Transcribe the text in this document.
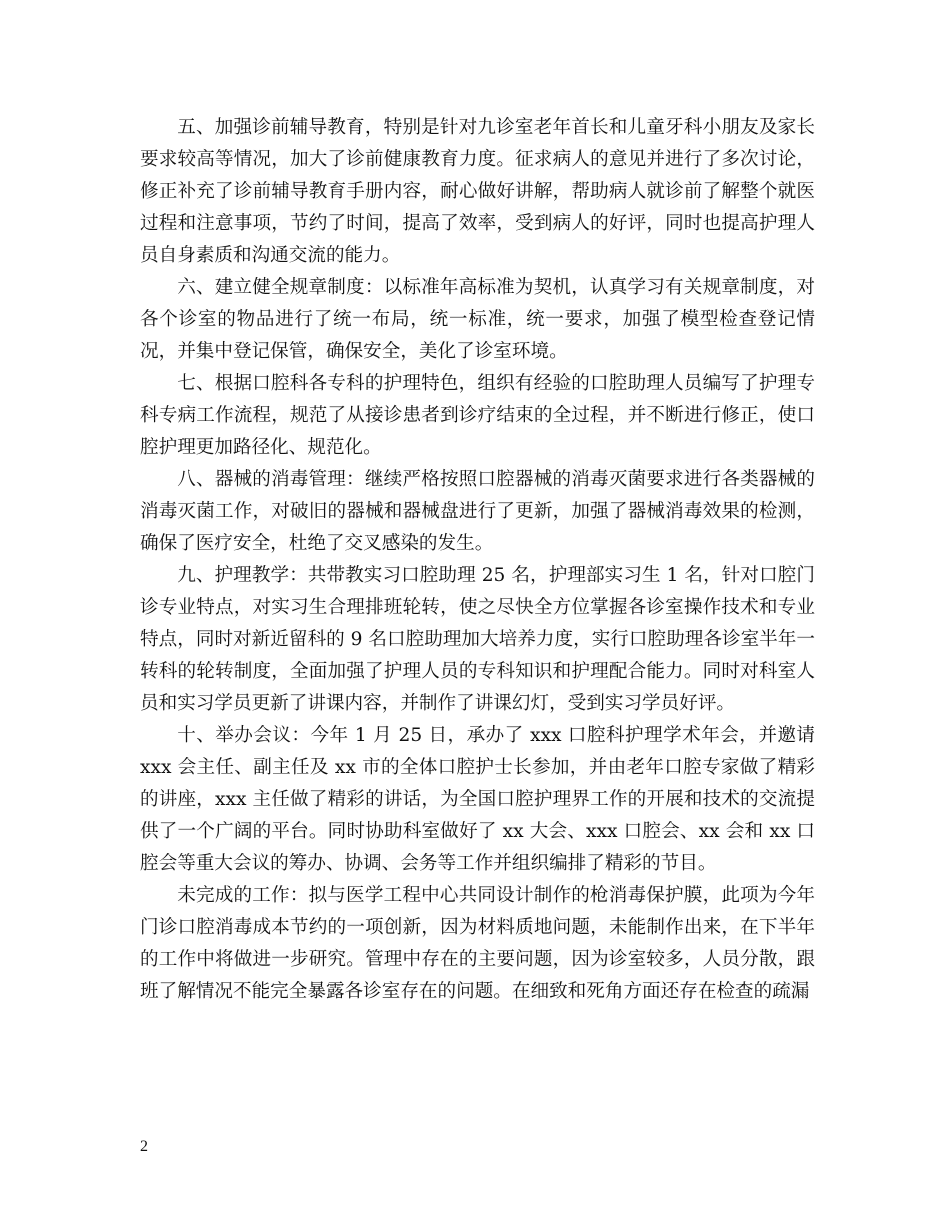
五、加强诊前辅导教育，特别是针对九诊室老年首长和儿童牙科小朋友及家长要求较高等情况，加大了诊前健康教育力度。征求病人的意见并进行了多次讨论，修正补充了诊前辅导教育手册内容，耐心做好讲解，帮助病人就诊前了解整个就医过程和注意事项，节约了时间，提高了效率，受到病人的好评，同时也提高护理人员自身素质和沟通交流的能力。

六、建立健全规章制度：以标准年高标准为契机，认真学习有关规章制度，对各个诊室的物品进行了统一布局，统一标准，统一要求，加强了模型检查登记情况，并集中登记保管，确保安全，美化了诊室环境。

七、根据口腔科各专科的护理特色，组织有经验的口腔助理人员编写了护理专科专病工作流程，规范了从接诊患者到诊疗结束的全过程，并不断进行修正，使口腔护理更加路径化、规范化。

八、器械的消毒管理：继续严格按照口腔器械的消毒灭菌要求进行各类器械的消毒灭菌工作，对破旧的器械和器械盘进行了更新，加强了器械消毒效果的检测，确保了医疗安全，杜绝了交叉感染的发生。

九、护理教学：共带教实习口腔助理 25 名，护理部实习生 1 名，针对口腔门诊专业特点，对实习生合理排班轮转，使之尽快全方位掌握各诊室操作技术和专业特点，同时对新近留科的 9 名口腔助理加大培养力度，实行口腔助理各诊室半年一转科的轮转制度，全面加强了护理人员的专科知识和护理配合能力。同时对科室人员和实习学员更新了讲课内容，并制作了讲课幻灯，受到实习学员好评。

十、举办会议：今年 1 月 25 日，承办了 xxx 口腔科护理学术年会，并邀请 xxx 会主任、副主任及 xx 市的全体口腔护士长参加，并由老年口腔专家做了精彩的讲座，xxx 主任做了精彩的讲话，为全国口腔护理界工作的开展和技术的交流提供了一个广阔的平台。同时协助科室做好了 xx 大会、xxx 口腔会、xx 会和 xx 口腔会等重大会议的筹办、协调、会务等工作并组织编排了精彩的节目。

未完成的工作：拟与医学工程中心共同设计制作的枪消毒保护膜，此项为今年门诊口腔消毒成本节约的一项创新，因为材料质地问题，未能制作出来，在下半年的工作中将做进一步研究。管理中存在的主要问题，因为诊室较多，人员分散，跟班了解情况不能完全暴露各诊室存在的问题。在细致和死角方面还存在检查的疏漏

2
